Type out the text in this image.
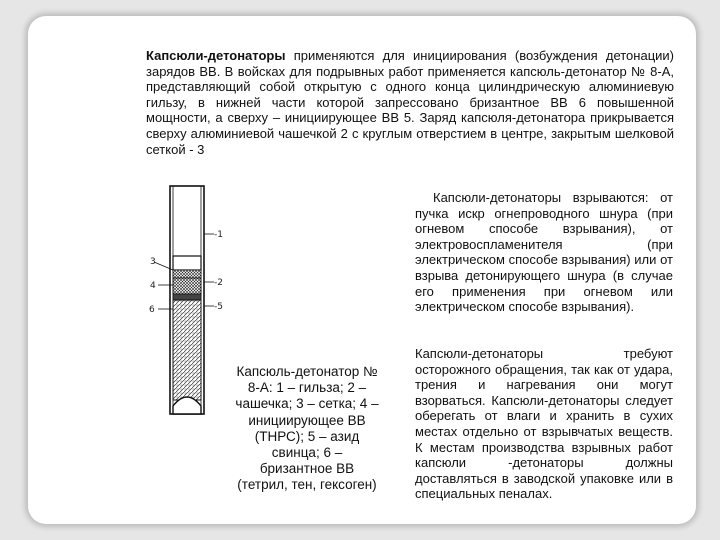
Капсюли-детонаторы применяются для инициирования (возбуждения детонации) зарядов ВВ. В войсках для подрывных работ применяется капсюль-детонатор № 8-А, представляющий собой открытую с одного конца цилиндрическую алюминиевую гильзу, в нижней части которой запрессовано бризантное ВВ 6 повышенной мощности, а сверху – инициирующее ВВ 5. Заряд капсюля-детонатора прикрывается сверху алюминиевой чашечкой 2 с круглым отверстием в центре, закрытым шелковой сеткой - 3

-1
3
-2
4
6	-5

Капсюль-детонатор № 8-А: 1 – гильза; 2 – чашечка; 3 – сетка; 4 – инициирующее ВВ (ТНРС); 5 – азид свинца; 6 – бризантное ВВ (тетрил, тен, гексоген)

Капсюли-детонаторы взрываются: от пучка искр огнепроводного шнура (при огневом способе взрывания), от электровоспламенителя (при электрическом способе взрывания) или от взрыва детонирующего шнура (в случае его применения при огневом или электрическом способе взрывания).

Капсюли-детонаторы требуют осторожного обращения, так как от удара, трения и нагревания они могут взорваться. Капсюли-детонаторы следует оберегать от влаги и хранить в сухих местах отдельно от взрывчатых веществ. К местам производства взрывных работ капсюли -детонаторы должны доставляться в заводской упаковке или в специальных пеналах.
